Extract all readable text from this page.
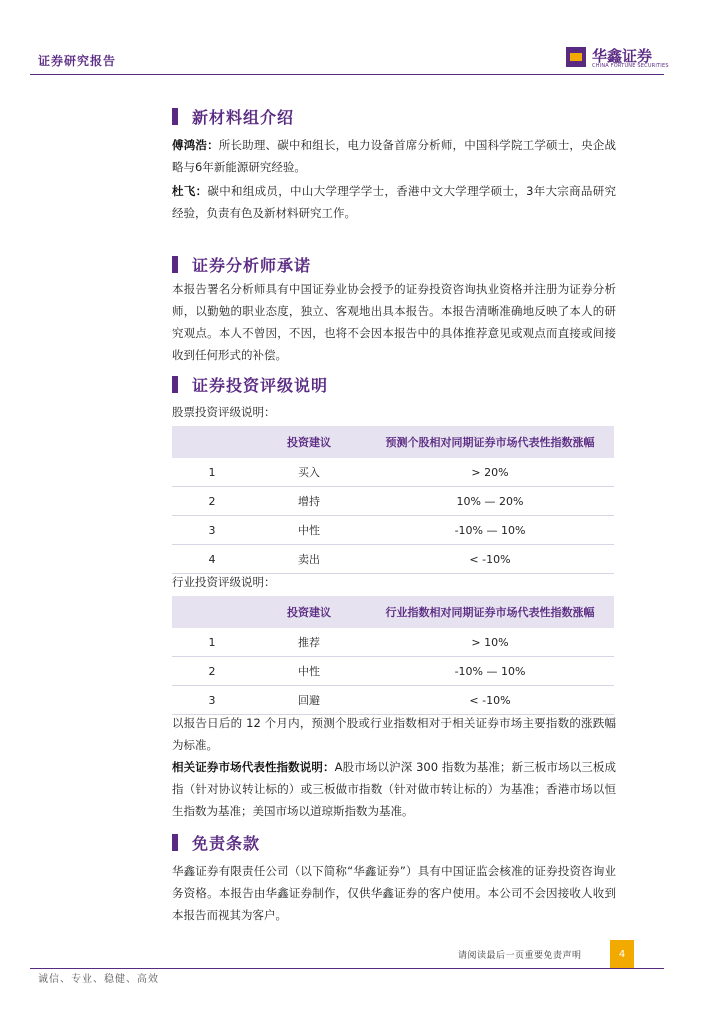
证券研究报告	华鑫证券
CHINA FORTUNE SECURITIES
新材料组介绍
傅鸿浩：所长助理、碳中和组长，电力设备首席分析师，中国科学院工学硕士，央企战略与6年新能源研究经验。
杜飞：碳中和组成员，中山大学理学学士，香港中文大学理学硕士，3年大宗商品研究经验，负责有色及新材料研究工作。
证券分析师承诺
本报告署名分析师具有中国证券业协会授予的证券投资咨询执业资格并注册为证券分析师，以勤勉的职业态度，独立、客观地出具本报告。本报告清晰准确地反映了本人的研究观点。本人不曾因，不因，也将不会因本报告中的具体推荐意见或观点而直接或间接收到任何形式的补偿。
证券投资评级说明
股票投资评级说明：
	投资建议	预测个股相对同期证券市场代表性指数涨幅
1	买入	> 20%
2	增持	10% — 20%
3	中性	-10% — 10%
4	卖出	< -10%
行业投资评级说明：
	投资建议	行业指数相对同期证券市场代表性指数涨幅
1	推荐	> 10%
2	中性	-10% — 10%
3	回避	< -10%
以报告日后的 12 个月内，预测个股或行业指数相对于相关证券市场主要指数的涨跌幅为标准。
相关证券市场代表性指数说明：A股市场以沪深 300 指数为基准；新三板市场以三板成指（针对协议转让标的）或三板做市指数（针对做市转让标的）为基准；香港市场以恒生指数为基准；美国市场以道琼斯指数为基准。
免责条款
华鑫证券有限责任公司（以下简称“华鑫证券”）具有中国证监会核准的证券投资咨询业务资格。本报告由华鑫证券制作，仅供华鑫证券的客户使用。本公司不会因接收人收到本报告而视其为客户。
请阅读最后一页重要免责声明	4
诚信、专业、稳健、高效
